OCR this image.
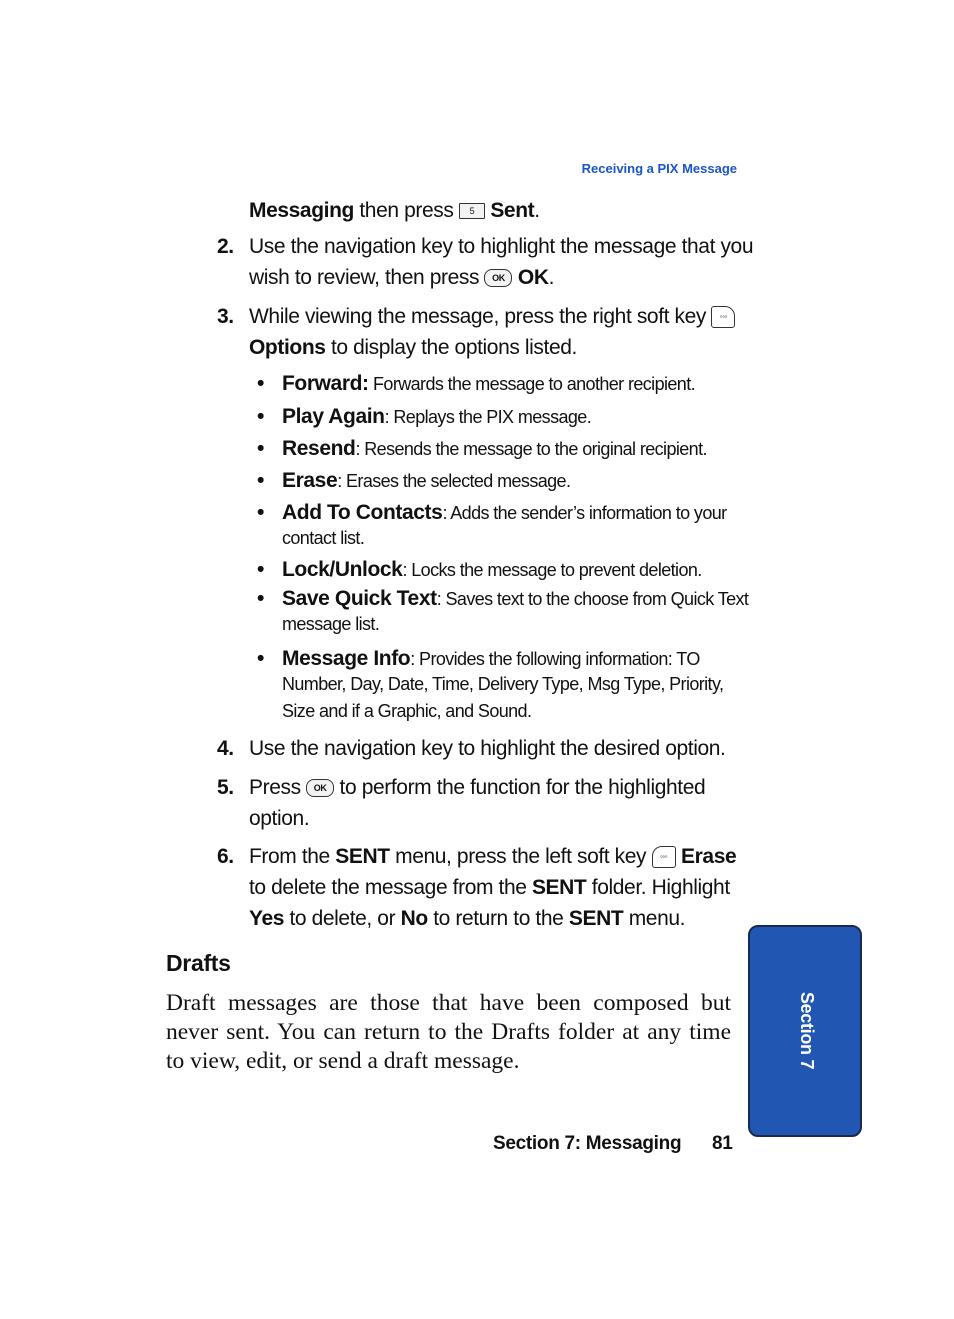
Receiving a PIX Message
Messaging then press 5 Sent.
2. Use the navigation key to highlight the message that you
wish to review, then press OK OK.
3. While viewing the message, press the right soft key ◦◦◦
Options to display the options listed.
• Forward: Forwards the message to another recipient.
• Play Again: Replays the PIX message.
• Resend: Resends the message to the original recipient.
• Erase: Erases the selected message.
• Add To Contacts: Adds the sender’s information to your
contact list.
• Lock/Unlock: Locks the message to prevent deletion.
• Save Quick Text: Saves text to the choose from Quick Text
message list.
• Message Info: Provides the following information: TO
Number, Day, Date, Time, Delivery Type, Msg Type, Priority,
Size and if a Graphic, and Sound.
4. Use the navigation key to highlight the desired option.
5. Press OK to perform the function for the highlighted
option.
6. From the SENT menu, press the left soft key ◦◦◦ Erase
to delete the message from the SENT folder. Highlight
Yes to delete, or No to return to the SENT menu.
Drafts
Draft messages are those that have been composed but never sent. You can return to the Drafts folder at any time to view, edit, or send a draft message.	Section 7
Section 7: Messaging 81
